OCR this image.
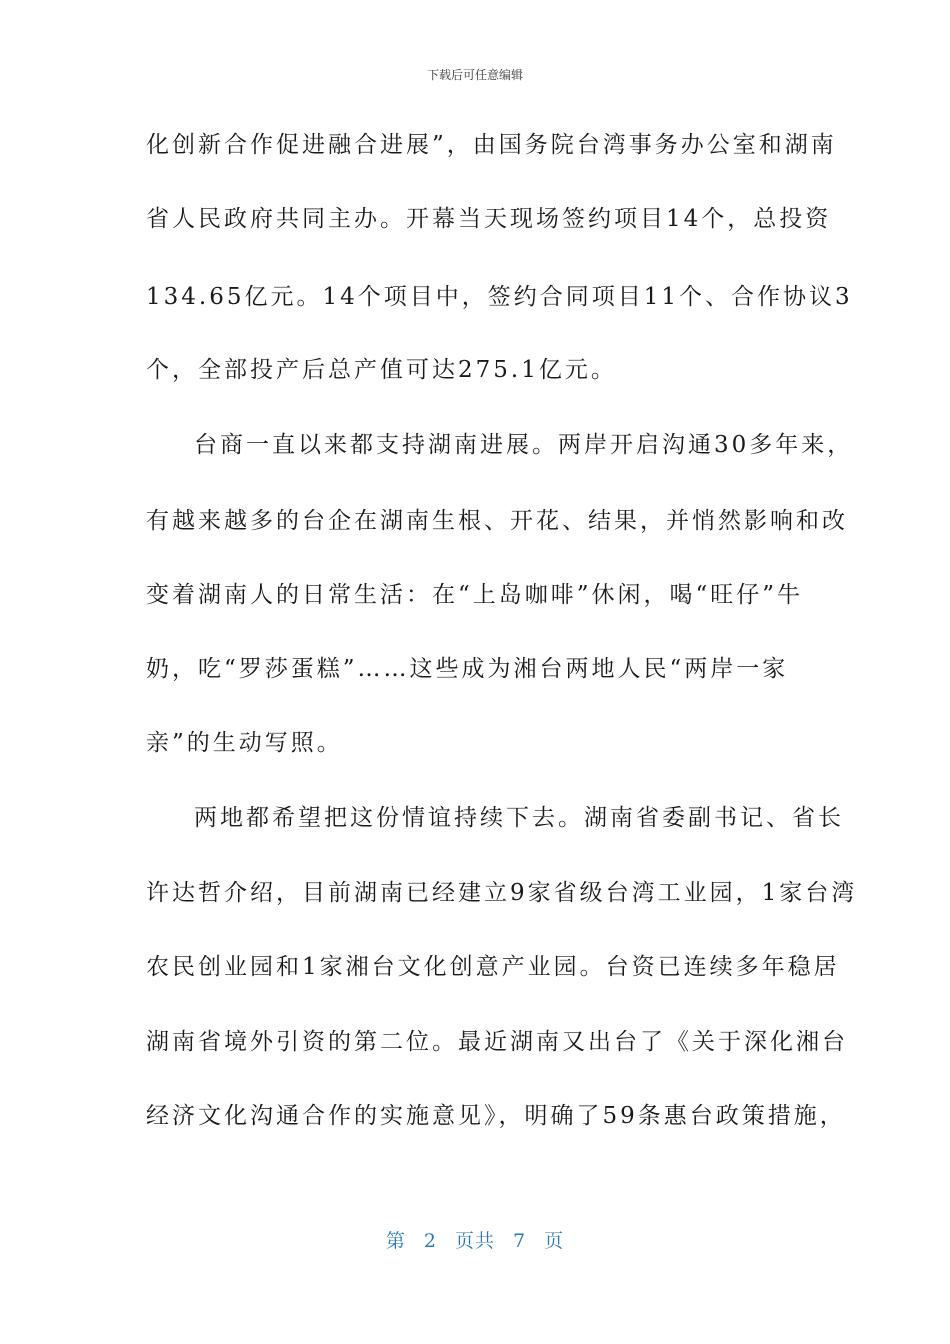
下载后可任意编辑
化创新合作促进融合进展”，由国务院台湾事务办公室和湖南
省人民政府共同主办。开幕当天现场签约项目14个，总投资
134.65亿元。14个项目中，签约合同项目11个、合作协议3
个，全部投产后总产值可达275.1亿元。
台商一直以来都支持湖南进展。两岸开启沟通30多年来，
有越来越多的台企在湖南生根、开花、结果，并悄然影响和改
变着湖南人的日常生活：在“上岛咖啡”休闲，喝“旺仔”牛
奶，吃“罗莎蛋糕”……这些成为湘台两地人民“两岸一家
亲”的生动写照。
两地都希望把这份情谊持续下去。湖南省委副书记、省长
许达哲介绍，目前湖南已经建立9家省级台湾工业园，1家台湾
农民创业园和1家湘台文化创意产业园。台资已连续多年稳居
湖南省境外引资的第二位。最近湖南又出台了《关于深化湘台
经济文化沟通合作的实施意见》，明确了59条惠台政策措施，
第 2 页共 7 页
